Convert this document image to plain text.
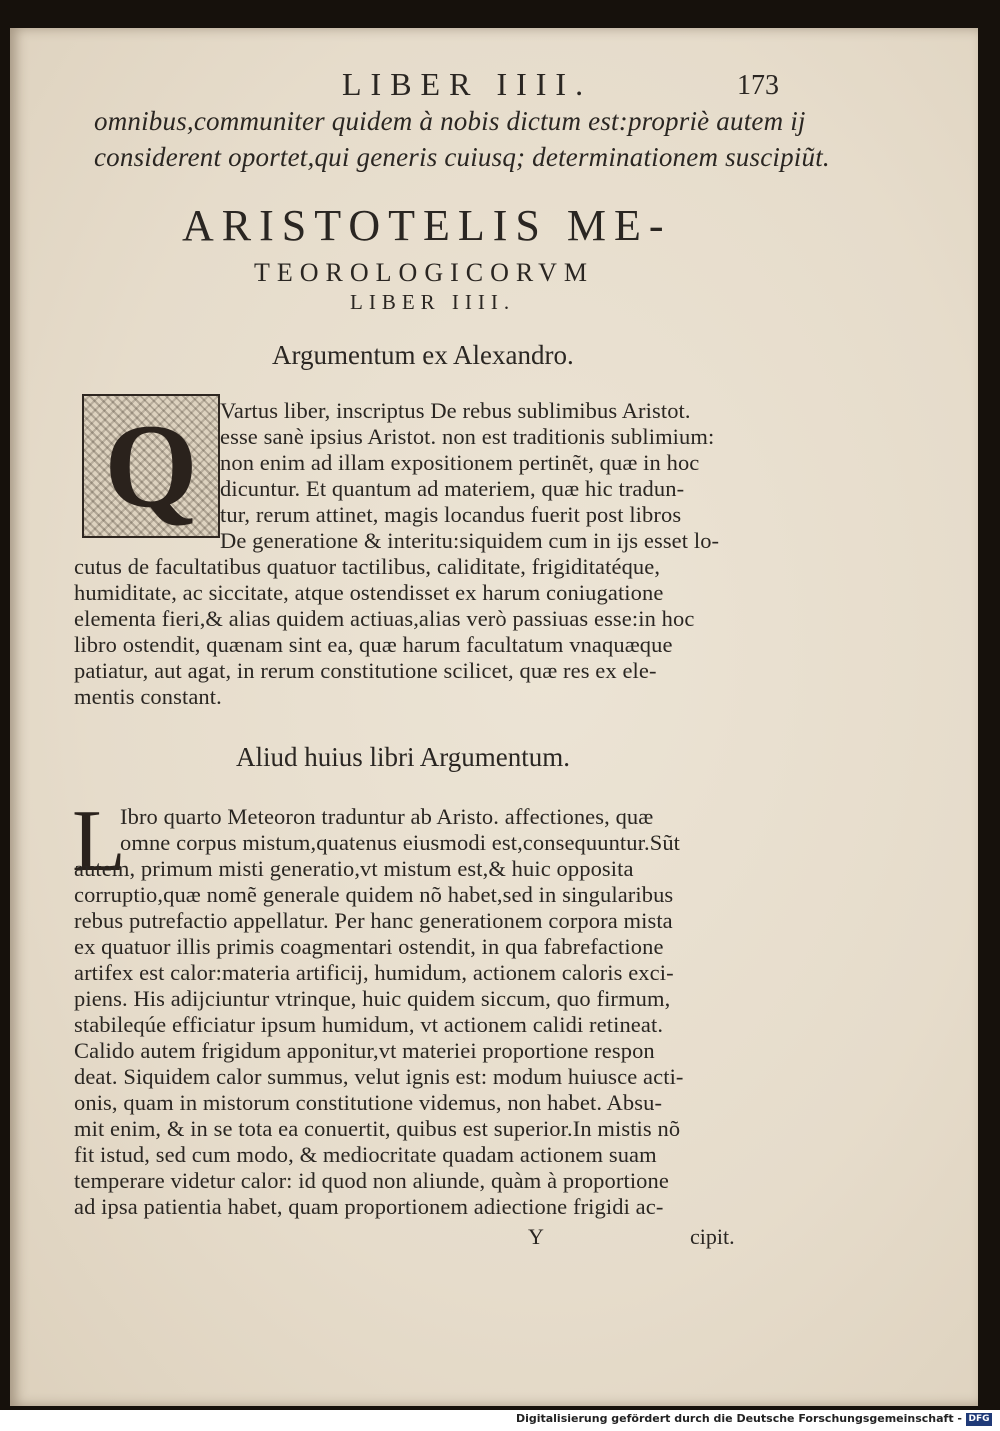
LIBER IIII.	173
omnibus,communiter quidem à nobis dictum est:propriè autem ij
considerent oportet,qui generis cuiusq; determinationem suscipiũt.
ARISTOTELIS ME-
TEOROLOGICORVM
LIBER IIII.
Argumentum ex Alexandro.
Q Vartus liber, inscriptus De rebus sublimibus Aristot.
esse sanè ipsius Aristot. non est traditionis sublimium:
non enim ad illam expositionem pertinẽt, quæ in hoc
dicuntur. Et quantum ad materiem, quæ hic tradun-
tur, rerum attinet, magis locandus fuerit post libros
De generatione & interitu:siquidem cum in ijs esset lo-
cutus de facultatibus quatuor tactilibus, caliditate, frigiditatéque,
humiditate, ac siccitate, atque ostendisset ex harum coniugatione
elementa fieri,& alias quidem actiuas,alias verò passiuas esse:in hoc
libro ostendit, quænam sint ea, quæ harum facultatum vnaquæque
patiatur, aut agat, in rerum constitutione scilicet, quæ res ex ele-
mentis constant.
Aliud huius libri Argumentum.
L
Ibro quarto Meteoron traduntur ab Aristo. affectiones, quæ
omne corpus mistum,quatenus eiusmodi est,consequuntur.Sũt
autem, primum misti generatio,vt mistum est,& huic opposita
corruptio,quæ nomẽ generale quidem nõ habet,sed in singularibus
rebus putrefactio appellatur. Per hanc generationem corpora mista
ex quatuor illis primis coagmentari ostendit, in qua fabrefactione
artifex est calor:materia artificij, humidum, actionem caloris exci-
piens. His adijciuntur vtrinque, huic quidem siccum, quo firmum,
stabileqúe efficiatur ipsum humidum, vt actionem calidi retineat.
Calido autem frigidum apponitur,vt materiei proportione respon
deat. Siquidem calor summus, velut ignis est: modum huiusce acti-
onis, quam in mistorum constitutione videmus, non habet. Absu-
mit enim, & in se tota ea conuertit, quibus est superior.In mistis nõ
fit istud, sed cum modo, & mediocritate quadam actionem suam
temperare videtur calor: id quod non aliunde, quàm à proportione
ad ipsa patientia habet, quam proportionem adiectione frigidi ac-
Y	cipit.
Digitalisierung gefördert durch die Deutsche Forschungsgemeinschaft - DFG
